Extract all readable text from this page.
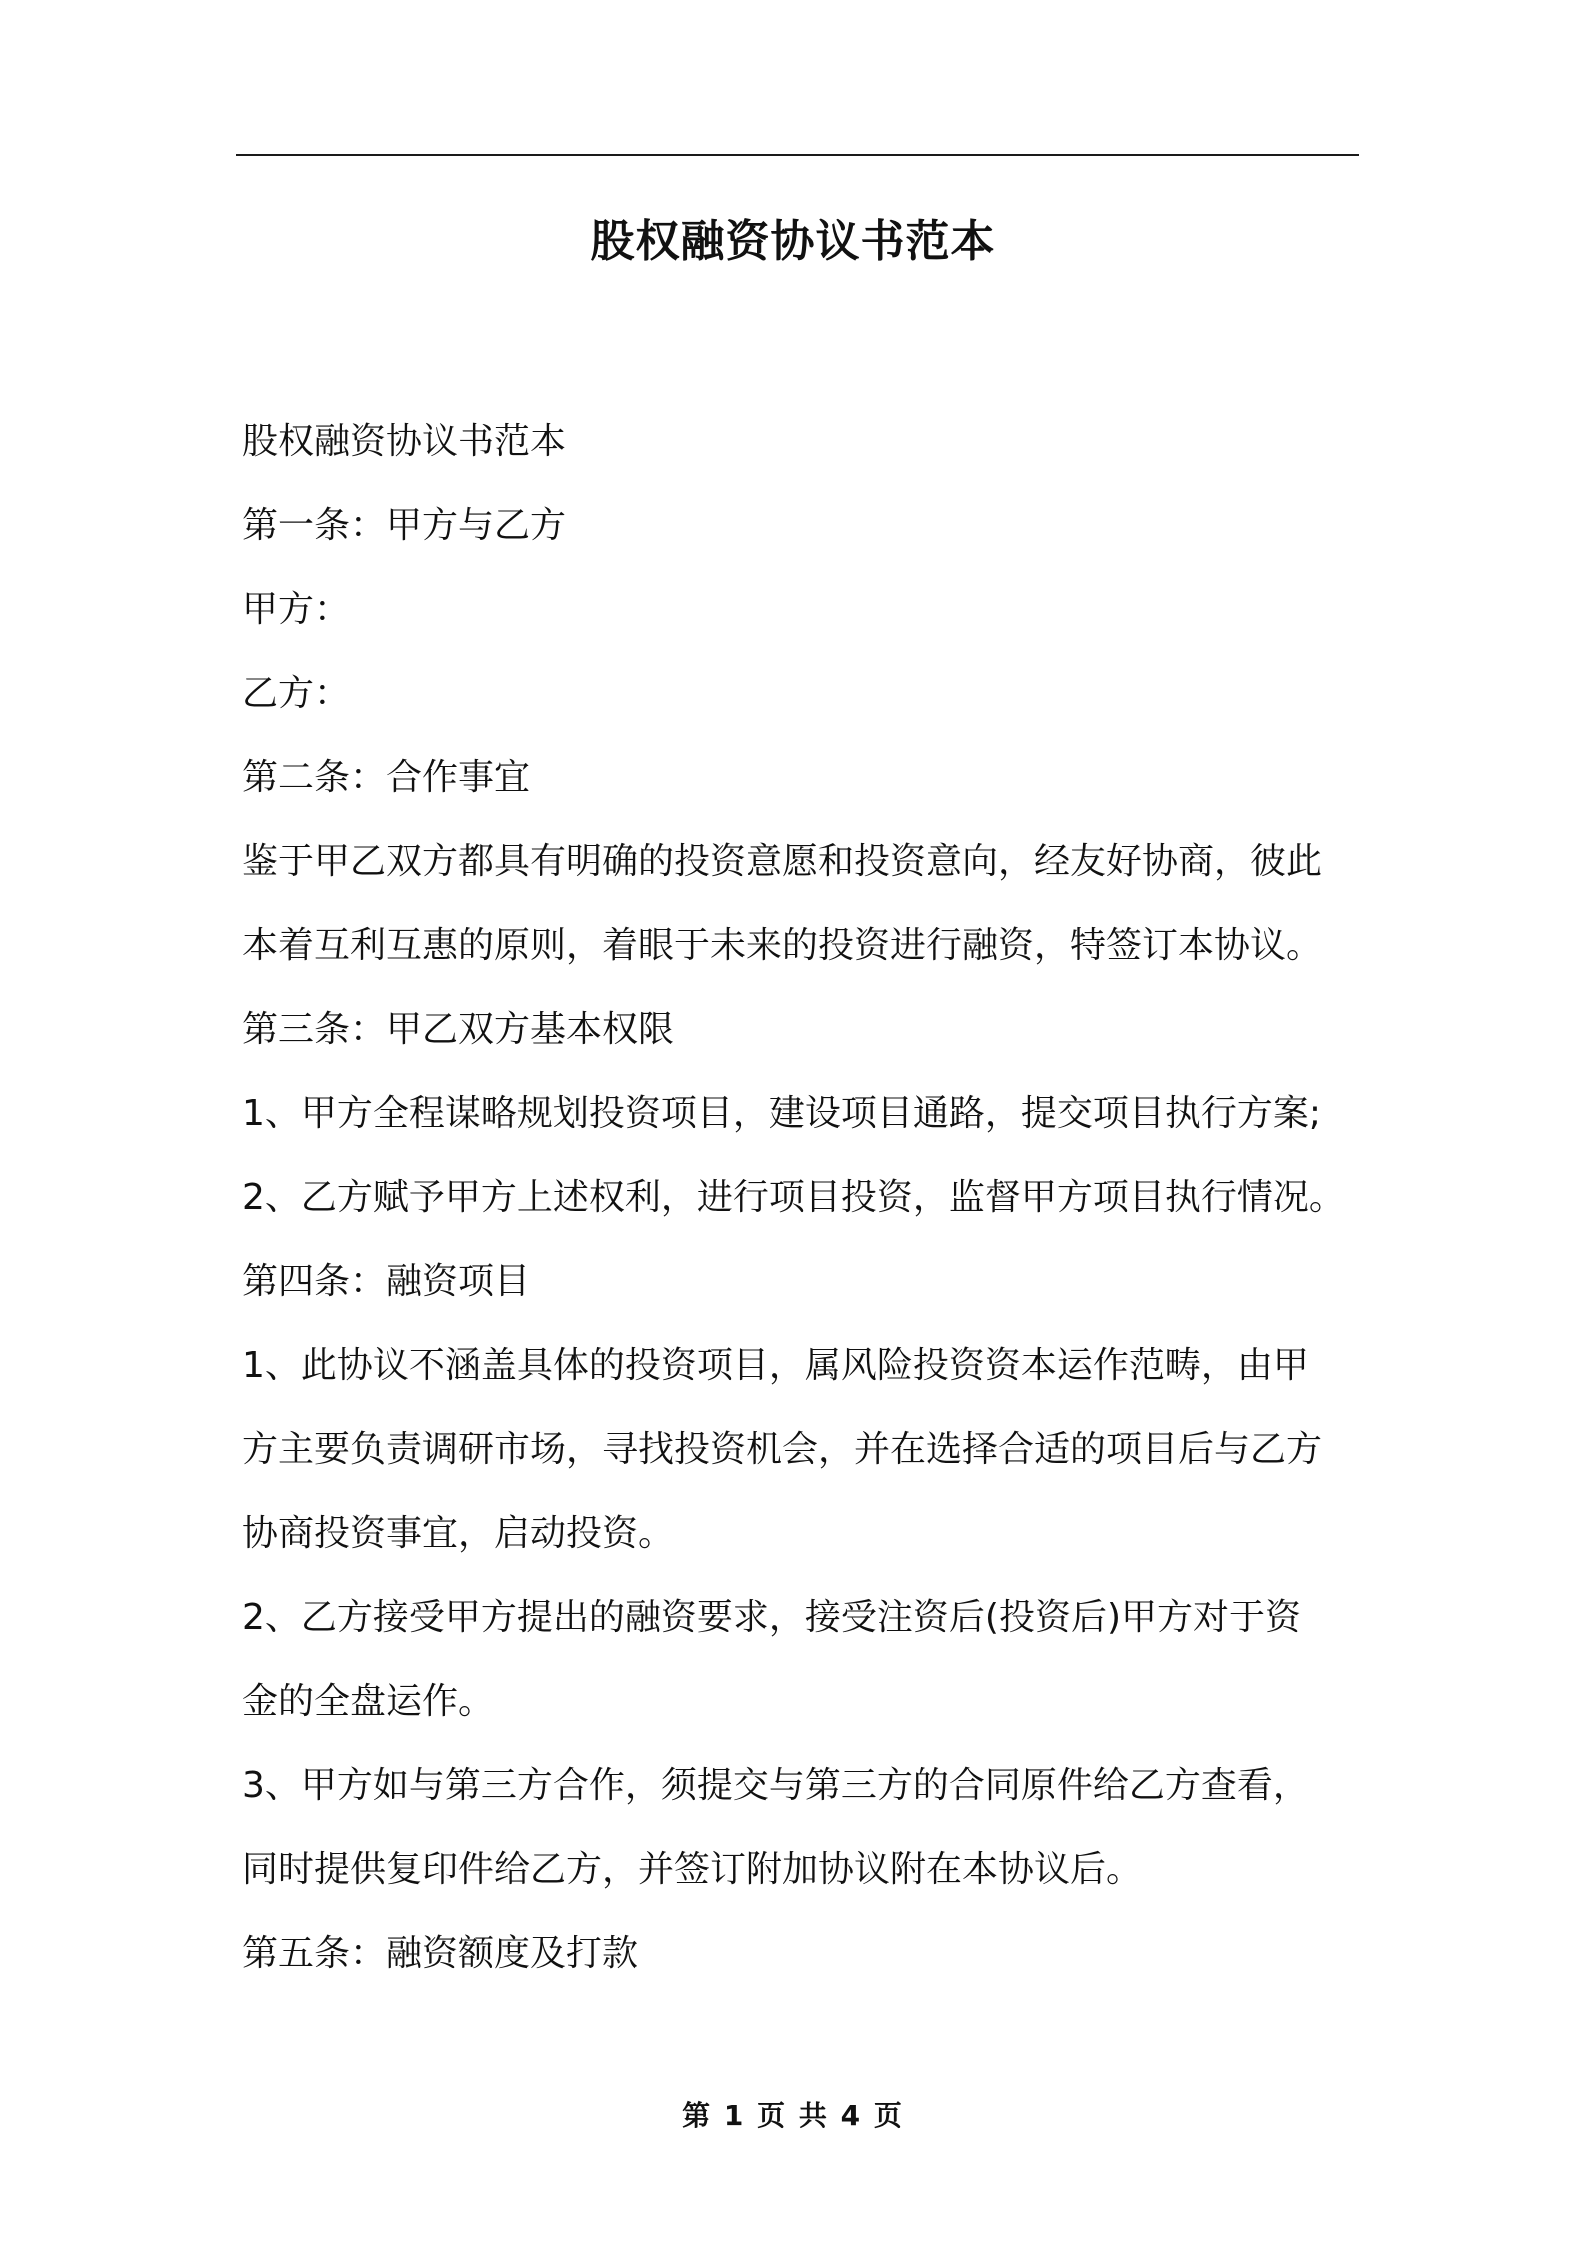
股权融资协议书范本
股权融资协议书范本
第一条：甲方与乙方
甲方：
乙方：
第二条：合作事宜
鉴于甲乙双方都具有明确的投资意愿和投资意向，经友好协商，彼此
本着互利互惠的原则，着眼于未来的投资进行融资，特签订本协议。
第三条：甲乙双方基本权限
1、甲方全程谋略规划投资项目，建设项目通路，提交项目执行方案;
2、乙方赋予甲方上述权利，进行项目投资，监督甲方项目执行情况。
第四条：融资项目
1、此协议不涵盖具体的投资项目，属风险投资资本运作范畴，由甲
方主要负责调研市场，寻找投资机会，并在选择合适的项目后与乙方
协商投资事宜，启动投资。
2、乙方接受甲方提出的融资要求，接受注资后(投资后)甲方对于资
金的全盘运作。
3、甲方如与第三方合作，须提交与第三方的合同原件给乙方查看，
同时提供复印件给乙方，并签订附加协议附在本协议后。
第五条：融资额度及打款
第 1 页 共 4 页
